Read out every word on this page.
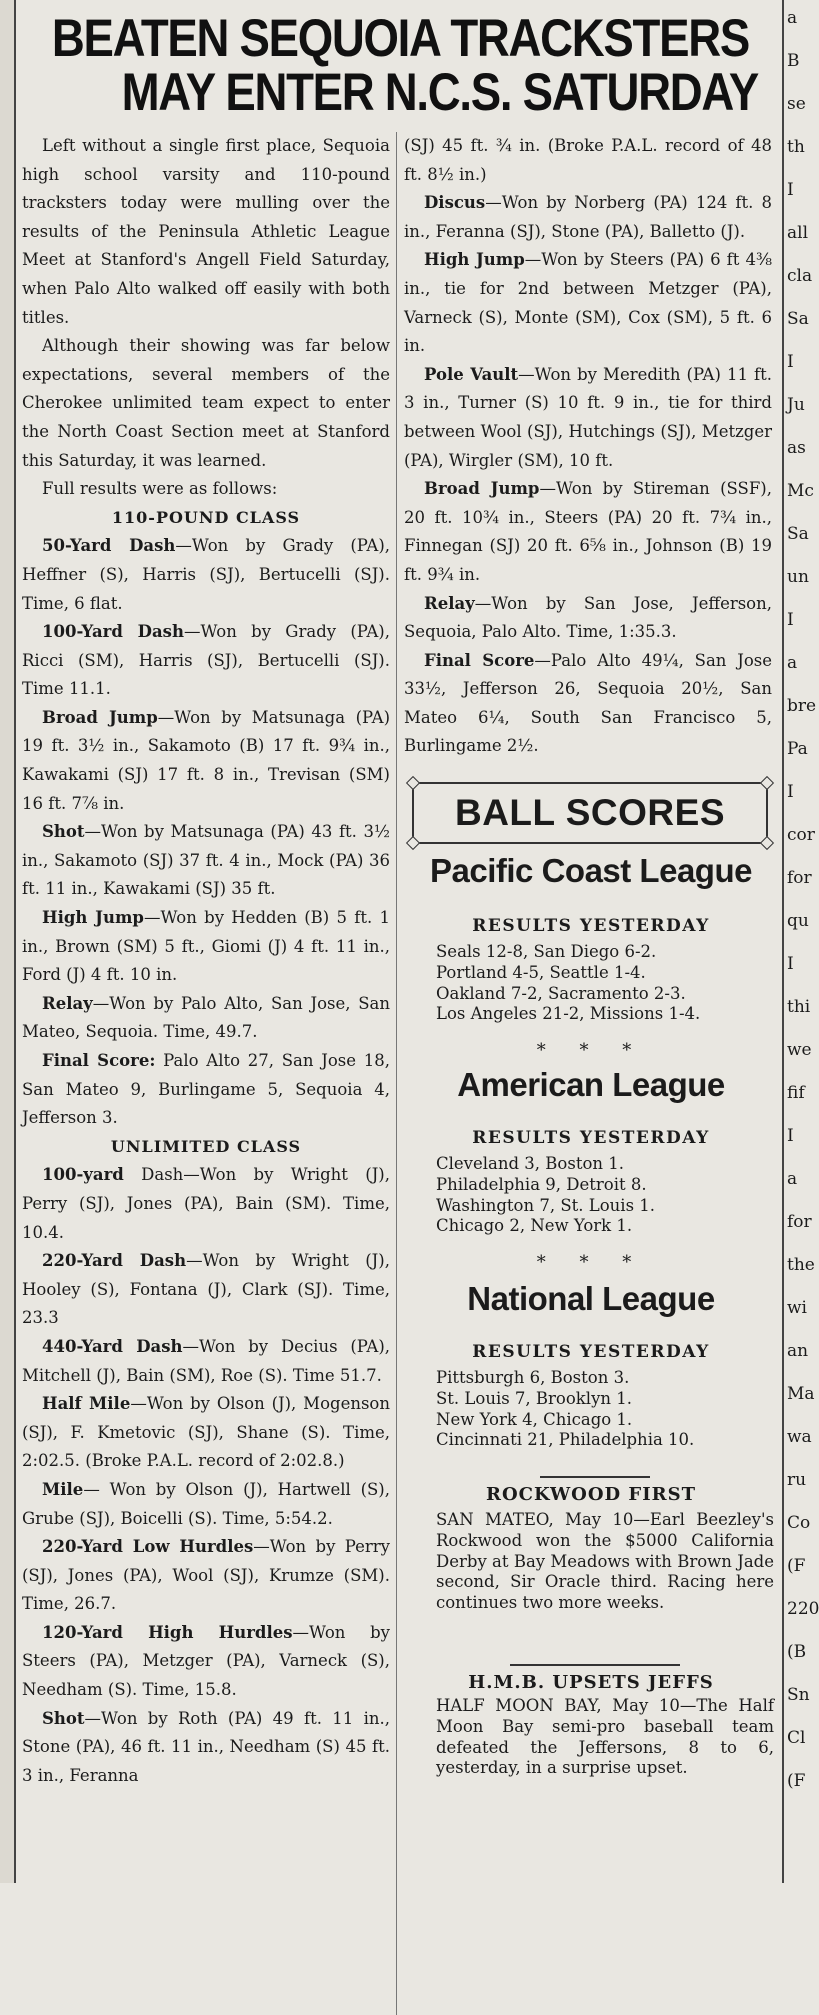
BEATEN SEQUOIA TRACKSTERS
MAY ENTER N.C.S. SATURDAY

Left without a single first place, Sequoia high school varsity and 110-pound tracksters today were mulling over the results of the Peninsula Athletic League Meet at Stanford's Angell Field Saturday, when Palo Alto walked off easily with both titles.

Although their showing was far below expectations, several members of the Cherokee unlimited team expect to enter the North Coast Section meet at Stanford this Saturday, it was learned.

Full results were as follows:

110-POUND CLASS

50-Yard Dash—Won by Grady (PA), Heffner (S), Harris (SJ), Bertucelli (SJ). Time, 6 flat.

100-Yard Dash—Won by Grady (PA), Ricci (SM), Harris (SJ), Bertucelli (SJ). Time 11.1.

Broad Jump—Won by Matsunaga (PA) 19 ft. 3½ in., Sakamoto (B) 17 ft. 9¾ in., Kawakami (SJ) 17 ft. 8 in., Trevisan (SM) 16 ft. 7⅞ in.

Shot—Won by Matsunaga (PA) 43 ft. 3½ in., Sakamoto (SJ) 37 ft. 4 in., Mock (PA) 36 ft. 11 in., Kawakami (SJ) 35 ft.

High Jump—Won by Hedden (B) 5 ft. 1 in., Brown (SM) 5 ft., Giomi (J) 4 ft. 11 in., Ford (J) 4 ft. 10 in.

Relay—Won by Palo Alto, San Jose, San Mateo, Sequoia. Time, 49.7.

Final Score: Palo Alto 27, San Jose 18, San Mateo 9, Burlingame 5, Sequoia 4, Jefferson 3.

UNLIMITED CLASS

100-yard Dash—Won by Wright (J), Perry (SJ), Jones (PA), Bain (SM). Time, 10.4.

220-Yard Dash—Won by Wright (J), Hooley (S), Fontana (J), Clark (SJ). Time, 23.3

440-Yard Dash—Won by Decius (PA), Mitchell (J), Bain (SM), Roe (S). Time 51.7.

Half Mile—Won by Olson (J), Mogenson (SJ), F. Kmetovic (SJ), Shane (S). Time, 2:02.5. (Broke P.A.L. record of 2:02.8.)

Mile— Won by Olson (J), Hartwell (S), Grube (SJ), Boicelli (S). Time, 5:54.2.

220-Yard Low Hurdles—Won by Perry (SJ), Jones (PA), Wool (SJ), Krumze (SM). Time, 26.7.

120-Yard High Hurdles—Won by Steers (PA), Metzger (PA), Varneck (S), Needham (S). Time, 15.8.

Shot—Won by Roth (PA) 49 ft. 11 in., Stone (PA), 46 ft. 11 in., Needham (S) 45 ft. 3 in., Feranna

(SJ) 45 ft. ¾ in. (Broke P.A.L. record of 48 ft. 8½ in.)

Discus—Won by Norberg (PA) 124 ft. 8 in., Feranna (SJ), Stone (PA), Balletto (J).

High Jump—Won by Steers (PA) 6 ft 4⅜ in., tie for 2nd between Metzger (PA), Varneck (S), Monte (SM), Cox (SM), 5 ft. 6 in.

Pole Vault—Won by Meredith (PA) 11 ft. 3 in., Turner (S) 10 ft. 9 in., tie for third between Wool (SJ), Hutchings (SJ), Metzger (PA), Wirgler (SM), 10 ft.

Broad Jump—Won by Stireman (SSF), 20 ft. 10¾ in., Steers (PA) 20 ft. 7¾ in., Finnegan (SJ) 20 ft. 6⅝ in., Johnson (B) 19 ft. 9¾ in.

Relay—Won by San Jose, Jefferson, Sequoia, Palo Alto. Time, 1:35.3.

Final Score—Palo Alto 49¼, San Jose 33½, Jefferson 26, Sequoia 20½, San Mateo 6¼, South San Francisco 5, Burlingame 2½.

BALL SCORES
Pacific Coast League
RESULTS YESTERDAY
Seals 12-8, San Diego 6-2.
Portland 4-5, Seattle 1-4.
Oakland 7-2, Sacramento 2-3.
Los Angeles 21-2, Missions 1-4.
* * *
American League
RESULTS YESTERDAY
Cleveland 3, Boston 1.
Philadelphia 9, Detroit 8.
Washington 7, St. Louis 1.
Chicago 2, New York 1.
* * *
National League
RESULTS YESTERDAY
Pittsburgh 6, Boston 3.
St. Louis 7, Brooklyn 1.
New York 4, Chicago 1.
Cincinnati 21, Philadelphia 10.
ROCKWOOD FIRST
SAN MATEO, May 10—Earl Beezley's Rockwood won the $5000 California Derby at Bay Meadows with Brown Jade second, Sir Oracle third. Racing here continues two more weeks.
H.M.B. UPSETS JEFFS
HALF MOON BAY, May 10—The Half Moon Bay semi-pro baseball team defeated the Jeffersons, 8 to 6, yesterday, in a surprise upset.
a
B
se
th
I
all
cla
Sa
I
Ju
as
Mc
Sa
un
I
a
bre
Pa
I
cor
for
qu
I
thi
we
fif
I
a
for
the
wi
an
Ma
wa
ru
Co
(F
220
(B
Sn
Cl
(F
